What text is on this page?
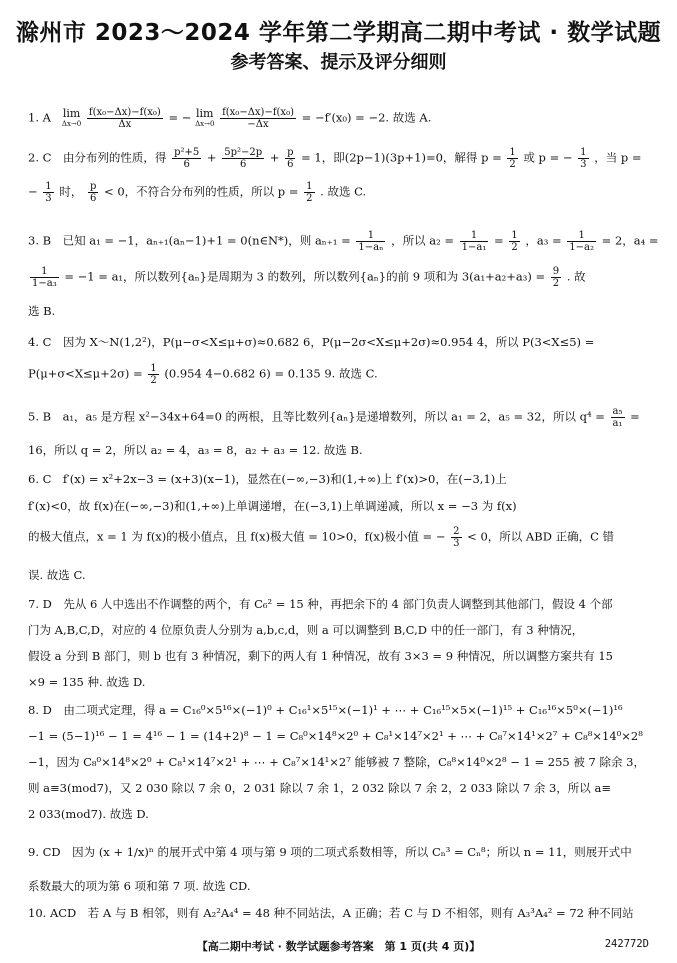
滁州市 2023～2024 学年第二学期高二期中考试 · 数学试题
参考答案、提示及评分细则
1. A lim
Δx→0
$\frac{\text{f(x₀−Δx)−f(x₀)}}{\Delta x}$ = − lim
Δx→0
$\frac{\text{f(x₀−Δx)−f(x₀)}}{-\Delta x} = -f'(x_0) = -2$. 故选 A.
2. C　由分布列的性质，得 $\frac{\text{p²+5}}{6} + \frac{\text{5p²−2p}}{6} + \frac{p}{6} = 1$，即(2p−1)(3p+1)=0，解得 $p = \frac{1}{2}$ 或 p = − $\frac{1}{3}$ ，当 p =
− $\frac{1}{3}$ 时， $\frac{p}{6} < 0$，不符合分布列的性质，所以 $p = \frac{1}{2}$ . 故选 C.
3. B　已知 a₁ = −1，aₙ₊₁(aₙ−1)+1 = 0(n∈N*)，则 $a_{n+1} = \frac{1}{\text{1−aₙ}}$ ，所以 $a_2 = \frac{1}{\text{1−a₁}} = \frac{1}{2}$ ，$a_3 = \frac{1}{\text{1−a₂}} = 2$，a₄ =
$\frac{1}{\text{1−a₃}} = -1 = a_1$，所以数列{aₙ}是周期为 3 的数列，所以数列{aₙ}的前 9 项和为 $3(a_1+a_2+a_3) = \frac{9}{2}$ . 故
选 B.
4. C　因为 X～N(1,2²)，P(μ−σ<X≤μ+σ)≈0.682 6，P(μ−2σ<X≤μ+2σ)≈0.954 4，所以 P(3<X≤5) =
$P(\mu+\sigma<X\le\mu+2\sigma) = \frac{1}{2} (0.954$ 4−0.682 6) = 0.135 9. 故选 C.
5. B　a₁，a₅ 是方程 x²−34x+64=0 的两根，且等比数列{aₙ}是递增数列，所以 a₁ = 2，a₅ = 32，所以 $q^4 = \frac{\text{a₅}}{\text{a₁}}$ =
16，所以 q = 2，所以 a₂ = 4，a₃ = 8，a₂ + a₃ = 12. 故选 B.
6. C　f′(x) = x²+2x−3 = (x+3)(x−1)，显然在(−∞,−3)和(1,+∞)上 f′(x)>0，在(−3,1)上
f′(x)<0，故 f(x)在(−∞,−3)和(1,+∞)上单调递增，在(−3,1)上单调递减，所以 x = −3 为 f(x)
的极大值点，x = 1 为 f(x)的极小值点，且 f(x)极大值 = 10>0，f(x)极小值 = − $\frac{2}{3} < 0$，所以 ABD 正确，C 错
误. 故选 C.
7. D　先从 6 人中选出不作调整的两个，有 C₆² = 15 种，再把余下的 4 部门负责人调整到其他部门，假设 4 个部
门为 A,B,C,D，对应的 4 位原负责人分别为 a,b,c,d，则 a 可以调整到 B,C,D 中的任一部门，有 3 种情况，
假设 a 分到 B 部门，则 b 也有 3 种情况，剩下的两人有 1 种情况，故有 3×3 = 9 种情况，所以调整方案共有 15
×9 = 135 种. 故选 D.
8. D　由二项式定理，得 a = C₁₆⁰×5¹⁶×(−1)⁰ + C₁₆¹×5¹⁵×(−1)¹ + ⋯ + C₁₆¹⁵×5×(−1)¹⁵ + C₁₆¹⁶×5⁰×(−1)¹⁶
−1 = (5−1)¹⁶ − 1 = 4¹⁶ − 1 = (14+2)⁸ − 1 = C₈⁰×14⁸×2⁰ + C₈¹×14⁷×2¹ + ⋯ + C₈⁷×14¹×2⁷ + C₈⁸×14⁰×2⁸
−1，因为 C₈⁰×14⁸×2⁰ + C₈¹×14⁷×2¹ + ⋯ + C₈⁷×14¹×2⁷ 能够被 7 整除，C₈⁸×14⁰×2⁸ − 1 = 255 被 7 除余 3，
则 a≡3(mod7)，又 2 030 除以 7 余 0，2 031 除以 7 余 1，2 032 除以 7 余 2，2 033 除以 7 余 3，所以 a≡
2 033(mod7). 故选 D.
9. CD　因为 (x + 1/x)ⁿ 的展开式中第 4 项与第 9 项的二项式系数相等，所以 Cₙ³ = Cₙ⁸；所以 n = 11，则展开式中
系数最大的项为第 6 项和第 7 项. 故选 CD.
10. ACD　若 A 与 B 相邻，则有 A₂²A₄⁴ = 48 种不同站法，A 正确；若 C 与 D 不相邻，则有 A₃³A₄² = 72 种不同站
【高二期中考试 · 数学试题参考答案　第 1 页(共 4 页)】	242772D
